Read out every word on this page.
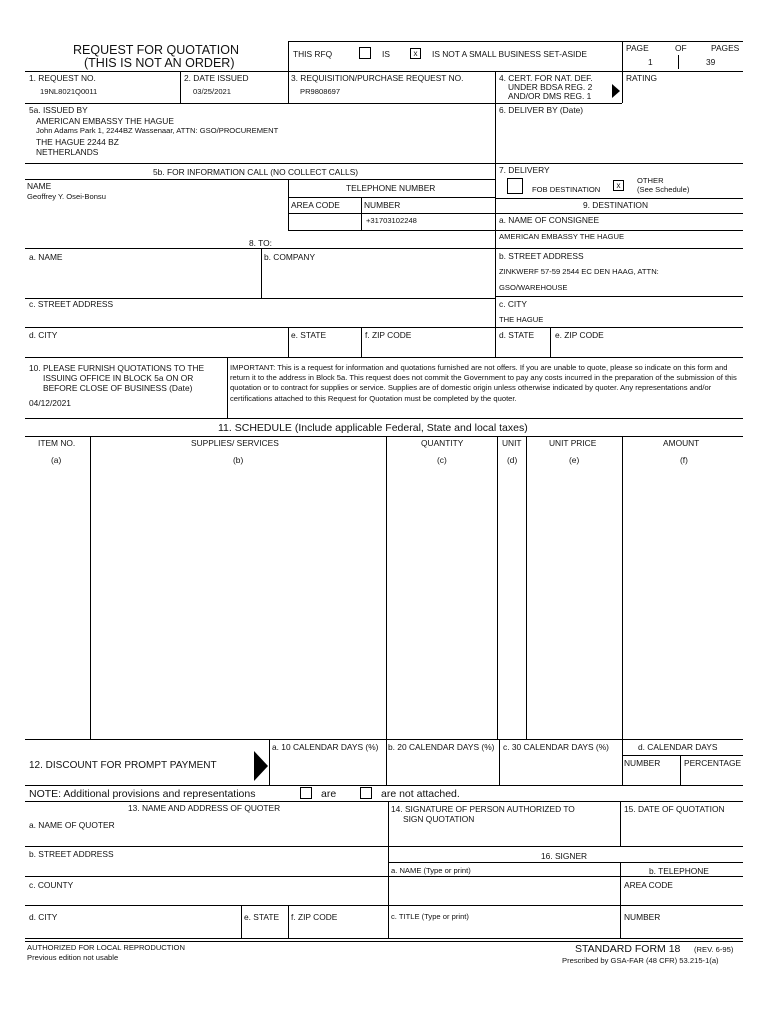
REQUEST FOR QUOTATION
(THIS IS NOT AN ORDER)
THIS RFQ	IS	x	IS NOT A SMALL BUSINESS SET-ASIDE
PAGE	OF	PAGES
1	39
1. REQUEST NO.
19NL8021Q0011
2. DATE ISSUED
03/25/2021
3. REQUISITION/PURCHASE REQUEST NO.
PR9808697
4. CERT. FOR NAT. DEF.
UNDER BDSA REG. 2
AND/OR DMS REG. 1
RATING
5a. ISSUED BY
AMERICAN EMBASSY THE HAGUE
John Adams Park 1, 2244BZ Wassenaar, ATTN: GSO/PROCUREMENT
THE HAGUE 2244 BZ
NETHERLANDS
6. DELIVER BY (Date)
5b. FOR INFORMATION CALL (NO COLLECT CALLS)
NAME
Geoffrey Y. Osei-Bonsu
TELEPHONE NUMBER
AREA CODE	NUMBER
+31703102248
7. DELIVERY
FOB DESTINATION	x
OTHER
(See Schedule)
9. DESTINATION
a. NAME OF CONSIGNEE
AMERICAN EMBASSY THE HAGUE
b. STREET ADDRESS
ZINKWERF 57-59 2544 EC DEN HAAG, ATTN:
GSO/WAREHOUSE
c. CITY
THE HAGUE
d. STATE e. ZIP CODE
8. TO:
a. NAME	b. COMPANY
c. STREET ADDRESS
d. CITY	e. STATE	f. ZIP CODE
10. PLEASE FURNISH QUOTATIONS TO THE
ISSUING OFFICE IN BLOCK 5a ON OR
BEFORE CLOSE OF BUSINESS (Date)
04/12/2021
IMPORTANT: This is a request for information and quotations furnished are not offers. If you are unable to quote, please so indicate on this form and return it to the address in Block 5a. This request does not commit the Government to pay any costs incurred in the preparation of the submission of this quotation or to contract for supplies or service. Supplies are of domestic origin unless otherwise indicated by quoter. Any representations and/or certifications attached to this Request for Quotation must be completed by the quoter.
11. SCHEDULE (Include applicable Federal, State and local taxes)
ITEM NO.
(a)
SUPPLIES/ SERVICES
(b)
QUANTITY
(c)
UNIT
(d)
UNIT PRICE
(e)
AMOUNT
(f)
12. DISCOUNT FOR PROMPT PAYMENT
a. 10 CALENDAR DAYS (%) b. 20 CALENDAR DAYS (%) c. 30 CALENDAR DAYS (%)	d. CALENDAR DAYS
NUMBER	PERCENTAGE
NOTE: Additional provisions and representations	are	are not attached.
13. NAME AND ADDRESS OF QUOTER
a. NAME OF QUOTER
b. STREET ADDRESS
c. COUNTY
d. CITY	e. STATE f. ZIP CODE
14. SIGNATURE OF PERSON AUTHORIZED TO
SIGN QUOTATION
15. DATE OF QUOTATION
16. SIGNER
a. NAME (Type or print)	b. TELEPHONE
AREA CODE
c. TITLE (Type or print)	NUMBER
AUTHORIZED FOR LOCAL REPRODUCTION
Previous edition not usable
STANDARD FORM 18 (REV. 6-95)
Prescribed by GSA-FAR (48 CFR) 53.215-1(a)
